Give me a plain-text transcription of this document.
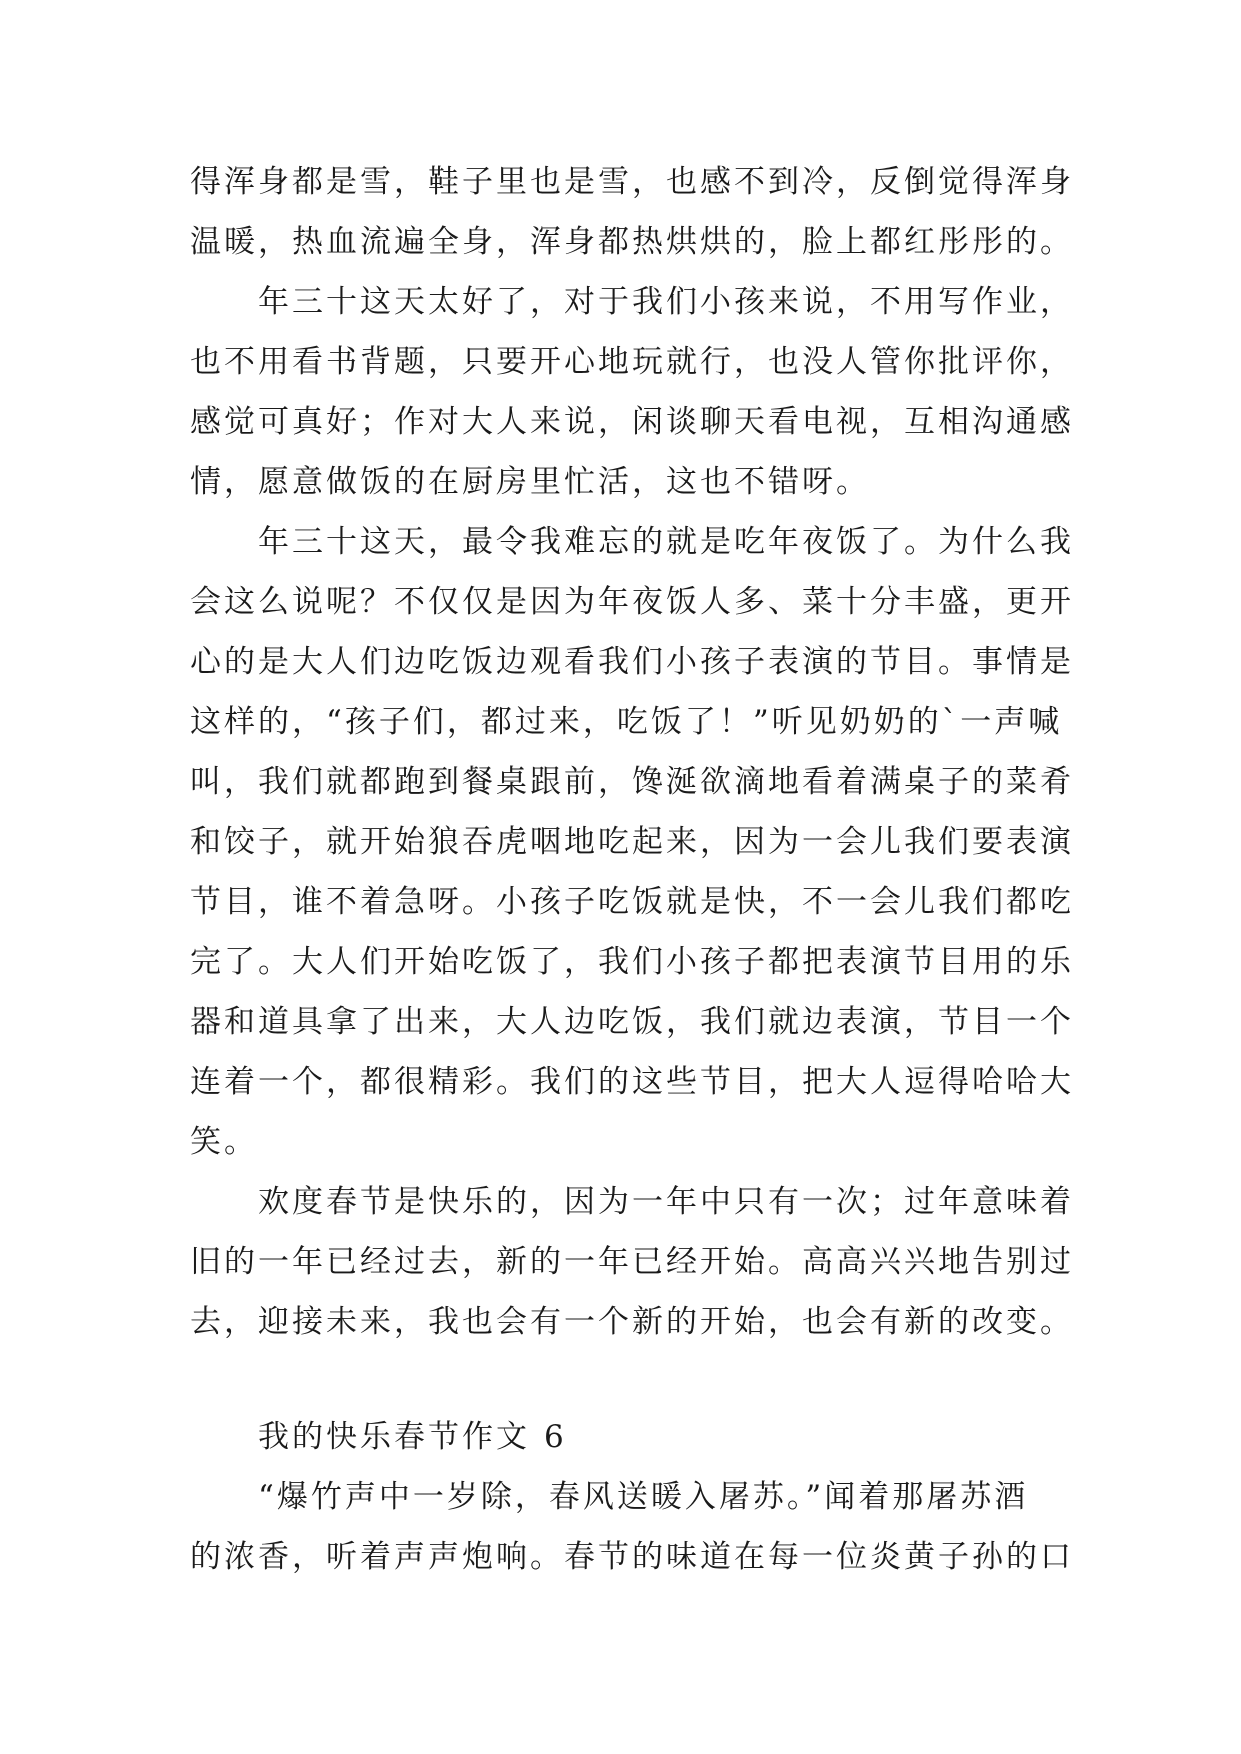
得浑身都是雪，鞋子里也是雪，也感不到冷，反倒觉得浑身
温暖，热血流遍全身，浑身都热烘烘的，脸上都红彤彤的。
年三十这天太好了，对于我们小孩来说，不用写作业，
也不用看书背题，只要开心地玩就行，也没人管你批评你，
感觉可真好；作对大人来说，闲谈聊天看电视，互相沟通感
情，愿意做饭的在厨房里忙活，这也不错呀。
年三十这天，最令我难忘的就是吃年夜饭了。为什么我
会这么说呢？不仅仅是因为年夜饭人多、菜十分丰盛，更开
心的是大人们边吃饭边观看我们小孩子表演的节目。事情是
这样的，“孩子们，都过来，吃饭了！”听见奶奶的`一声喊
叫，我们就都跑到餐桌跟前，馋涎欲滴地看着满桌子的菜肴
和饺子，就开始狼吞虎咽地吃起来，因为一会儿我们要表演
节目，谁不着急呀。小孩子吃饭就是快，不一会儿我们都吃
完了。大人们开始吃饭了，我们小孩子都把表演节目用的乐
器和道具拿了出来，大人边吃饭，我们就边表演，节目一个
连着一个，都很精彩。我们的这些节目，把大人逗得哈哈大
笑。
欢度春节是快乐的，因为一年中只有一次；过年意味着
旧的一年已经过去，新的一年已经开始。高高兴兴地告别过
去，迎接未来，我也会有一个新的开始，也会有新的改变。
我的快乐春节作文 6
“爆竹声中一岁除，春风送暖入屠苏。”闻着那屠苏酒
的浓香，听着声声炮响。春节的味道在每一位炎黄子孙的口
